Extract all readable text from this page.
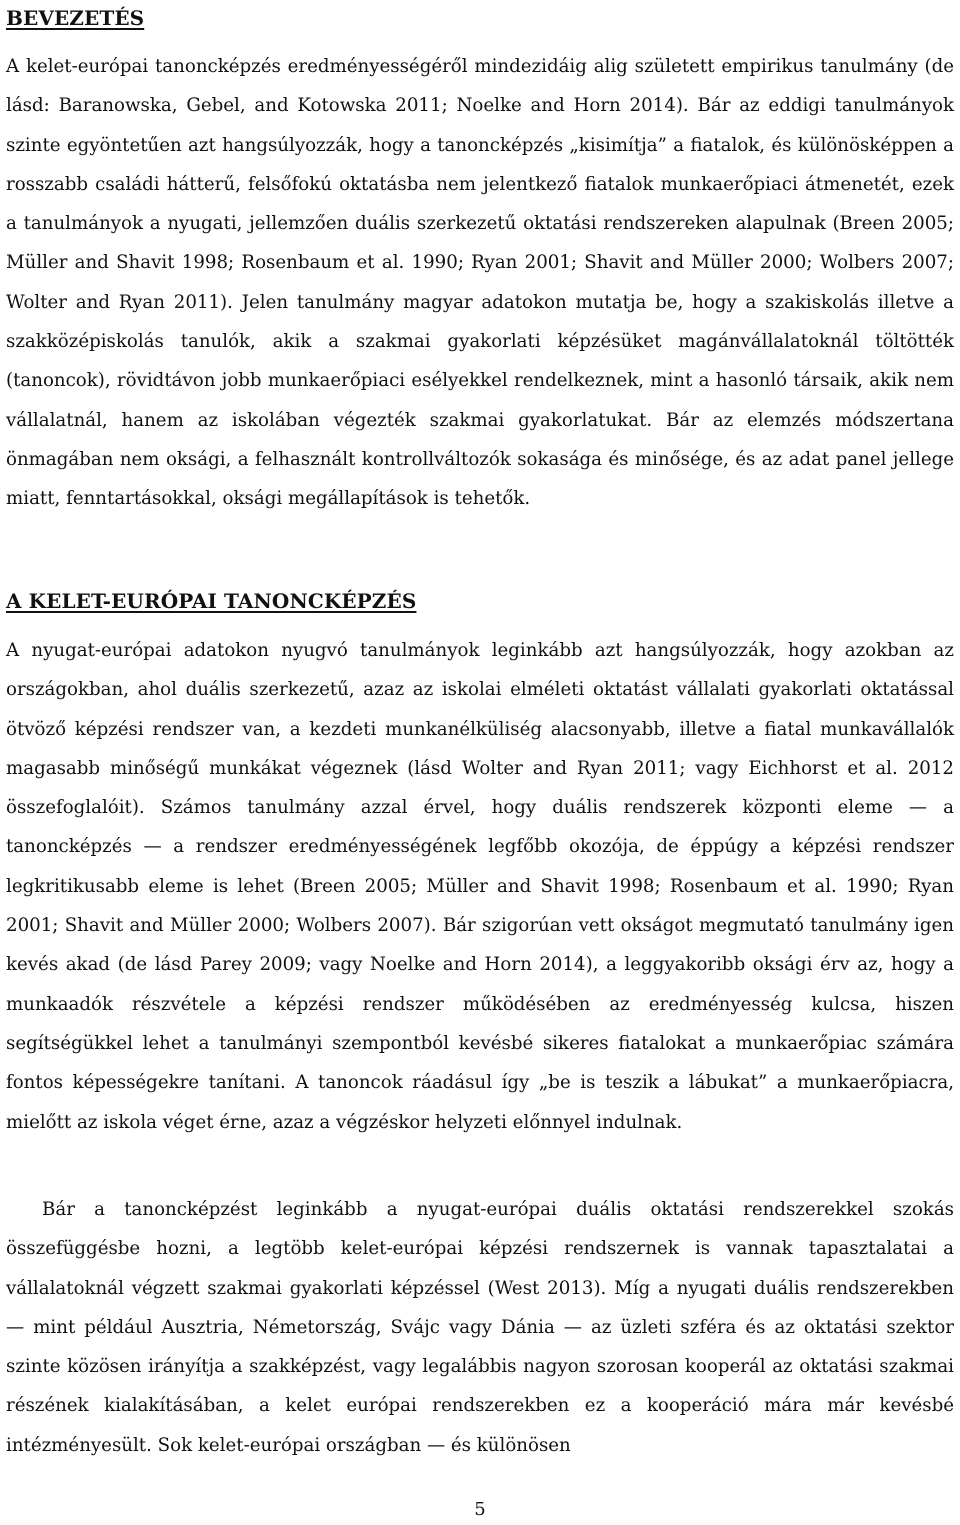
BEVEZETÉS

A kelet-európai tanoncképzés eredményességéről mindezidáig alig született empirikus tanulmány (de lásd: Baranowska, Gebel, and Kotowska 2011; Noelke and Horn 2014). Bár az eddigi tanulmányok szinte egyöntetűen azt hangsúlyozzák, hogy a tanoncképzés „kisimítja” a fiatalok, és különösképpen a rosszabb családi hátterű, felsőfokú oktatásba nem jelentkező fiatalok munkaerőpiaci átmenetét, ezek a tanulmányok a nyugati, jellemzően duális szerkezetű oktatási rendszereken alapulnak (Breen 2005; Müller and Shavit 1998; Rosenbaum et al. 1990; Ryan 2001; Shavit and Müller 2000; Wolbers 2007; Wolter and Ryan 2011). Jelen tanulmány magyar adatokon mutatja be, hogy a szakiskolás illetve a szakközépiskolás tanulók, akik a szakmai gyakorlati képzésüket magánvállalatoknál töltötték (tanoncok), rövidtávon jobb munkaerőpiaci esélyekkel rendelkeznek, mint a hasonló társaik, akik nem vállalatnál, hanem az iskolában végezték szakmai gyakorlatukat. Bár az elemzés módszertana önmagában nem oksági, a felhasznált kontrollváltozók sokasága és minősége, és az adat panel jellege miatt, fenntartásokkal, oksági megállapítások is tehetők.

A KELET-EURÓPAI TANONCKÉPZÉS

A nyugat-európai adatokon nyugvó tanulmányok leginkább azt hangsúlyozzák, hogy azokban az országokban, ahol duális szerkezetű, azaz az iskolai elméleti oktatást vállalati gyakorlati oktatással ötvöző képzési rendszer van, a kezdeti munkanélküliség alacsonyabb, illetve a fiatal munkavállalók magasabb minőségű munkákat végeznek (lásd Wolter and Ryan 2011; vagy Eichhorst et al. 2012 összefoglalóit). Számos tanulmány azzal érvel, hogy duális rendszerek központi eleme — a tanoncképzés — a rendszer eredményességének legfőbb okozója, de éppúgy a képzési rendszer legkritikusabb eleme is lehet (Breen 2005; Müller and Shavit 1998; Rosenbaum et al. 1990; Ryan 2001; Shavit and Müller 2000; Wolbers 2007). Bár szigorúan vett okságot megmutató tanulmány igen kevés akad (de lásd Parey 2009; vagy Noelke and Horn 2014), a leggyakoribb oksági érv az, hogy a munkaadók részvétele a képzési rendszer működésében az eredményesség kulcsa, hiszen segítségükkel lehet a tanulmányi szempontból kevésbé sikeres fiatalokat a munkaerőpiac számára fontos képességekre tanítani. A tanoncok ráadásul így „be is teszik a lábukat” a munkaerőpiacra, mielőtt az iskola véget érne, azaz a végzéskor helyzeti előnnyel indulnak.

Bár a tanoncképzést leginkább a nyugat-európai duális oktatási rendszerekkel szokás összefüggésbe hozni, a legtöbb kelet-európai képzési rendszernek is vannak tapasztalatai a vállalatoknál végzett szakmai gyakorlati képzéssel (West 2013). Míg a nyugati duális rendszerekben — mint például Ausztria, Németország, Svájc vagy Dánia — az üzleti szféra és az oktatási szektor szinte közösen irányítja a szakképzést, vagy legalábbis nagyon szorosan kooperál az oktatási szakmai részének kialakításában, a kelet európai rendszerekben ez a kooperáció mára már kevésbé intézményesült. Sok kelet-európai országban — és különösen

5
